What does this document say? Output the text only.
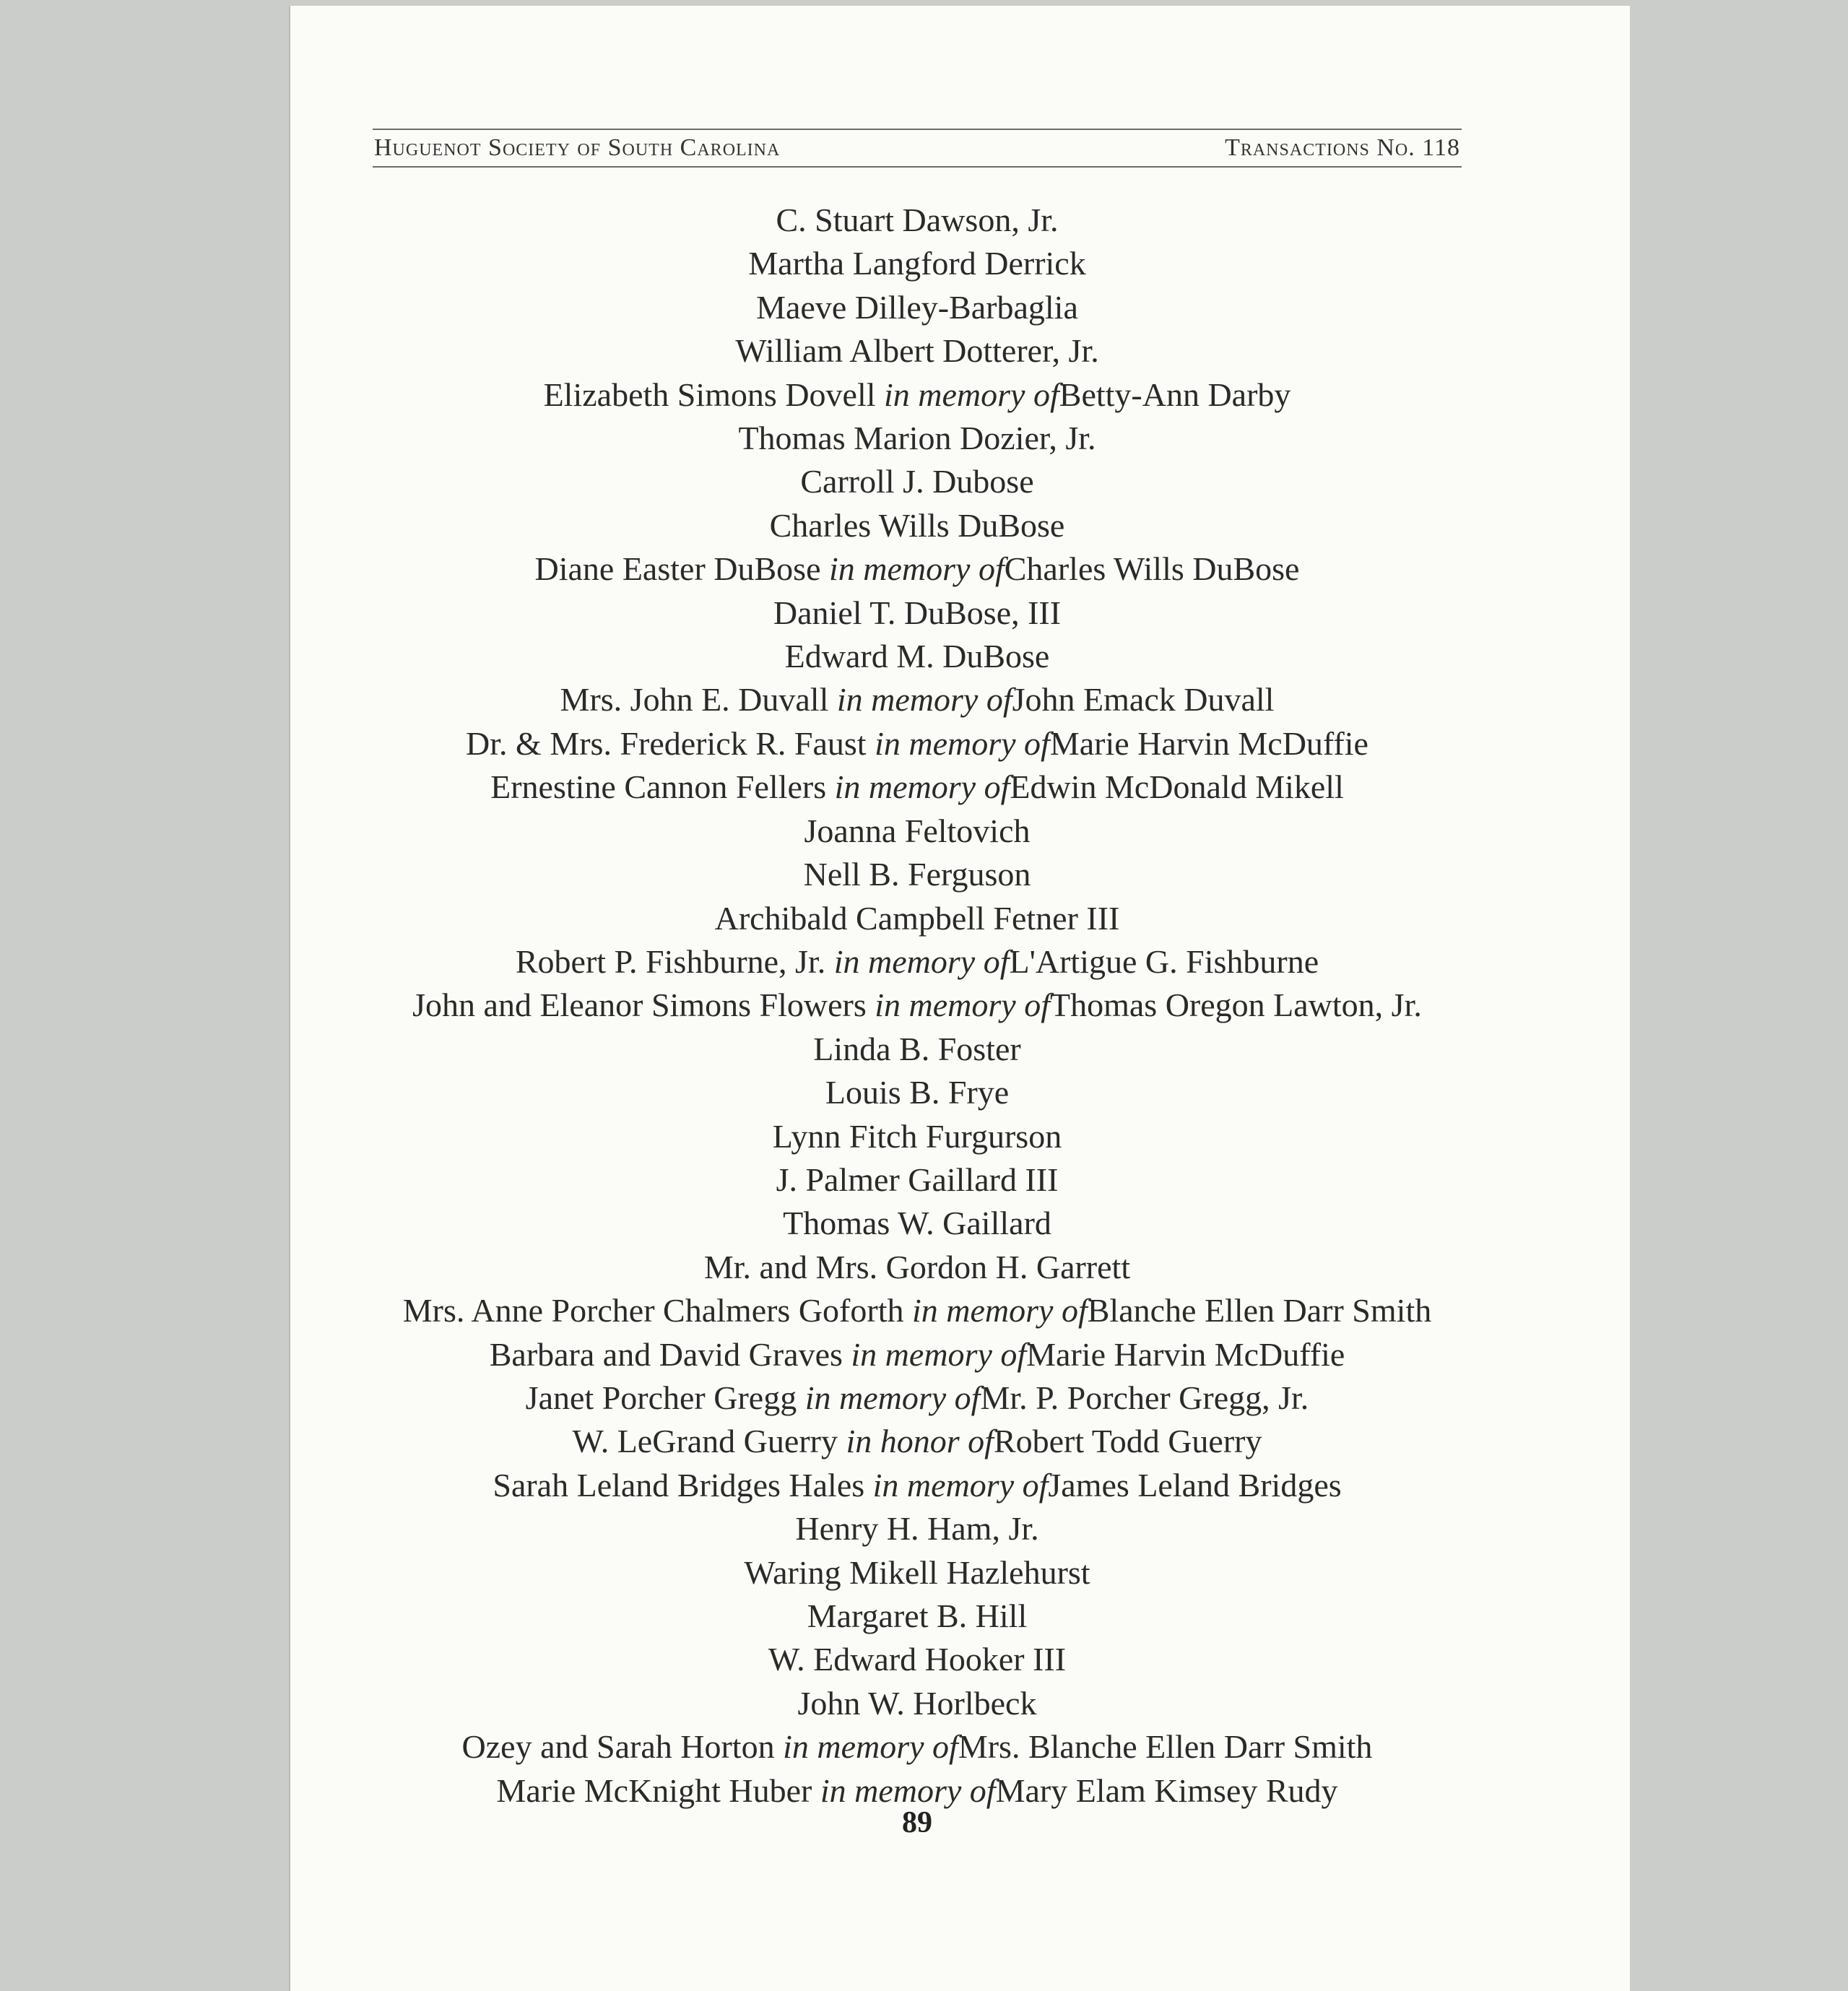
Huguenot Society of South Carolina	Transactions No. 118
C. Stuart Dawson, Jr.
Martha Langford Derrick
Maeve Dilley-Barbaglia
William Albert Dotterer, Jr.
Elizabeth Simons Dovell in memory ofBetty-Ann Darby
Thomas Marion Dozier, Jr.
Carroll J. Dubose
Charles Wills DuBose
Diane Easter DuBose in memory ofCharles Wills DuBose
Daniel T. DuBose, III
Edward M. DuBose
Mrs. John E. Duvall in memory ofJohn Emack Duvall
Dr. & Mrs. Frederick R. Faust in memory ofMarie Harvin McDuffie
Ernestine Cannon Fellers in memory ofEdwin McDonald Mikell
Joanna Feltovich
Nell B. Ferguson
Archibald Campbell Fetner III
Robert P. Fishburne, Jr. in memory ofL'Artigue G. Fishburne
John and Eleanor Simons Flowers in memory ofThomas Oregon Lawton, Jr.
Linda B. Foster
Louis B. Frye
Lynn Fitch Furgurson
J. Palmer Gaillard III
Thomas W. Gaillard
Mr. and Mrs. Gordon H. Garrett
Mrs. Anne Porcher Chalmers Goforth in memory ofBlanche Ellen Darr Smith
Barbara and David Graves in memory ofMarie Harvin McDuffie
Janet Porcher Gregg in memory ofMr. P. Porcher Gregg, Jr.
W. LeGrand Guerry in honor ofRobert Todd Guerry
Sarah Leland Bridges Hales in memory ofJames Leland Bridges
Henry H. Ham, Jr.
Waring Mikell Hazlehurst
Margaret B. Hill
W. Edward Hooker III
John W. Horlbeck
Ozey and Sarah Horton in memory ofMrs. Blanche Ellen Darr Smith
Marie McKnight Huber in memory ofMary Elam Kimsey Rudy
89
